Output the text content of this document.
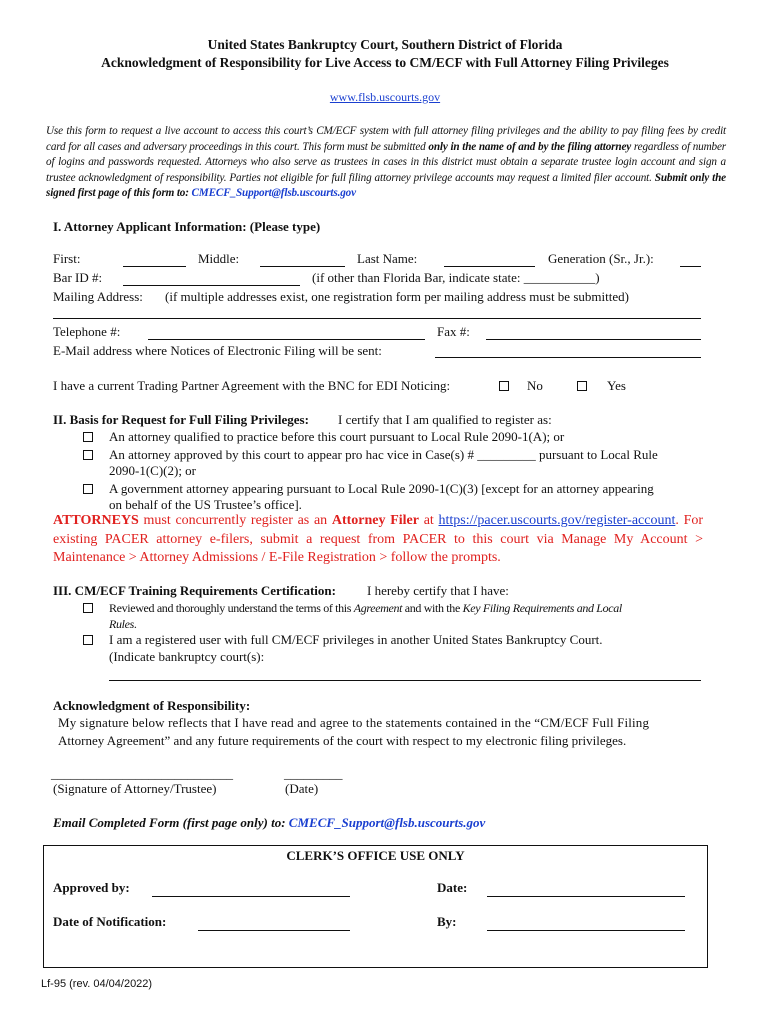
United States Bankruptcy Court, Southern District of Florida
Acknowledgment of Responsibility for Live Access to CM/ECF with Full Attorney Filing Privileges
www.flsb.uscourts.gov
Use this form to request a live account to access this court’s CM/ECF system with full attorney filing privileges and the ability to pay filing fees by credit card for all cases and adversary proceedings in this court. This form must be submitted only in the name of and by the filing attorney regardless of number of logins and passwords requested. Attorneys who also serve as trustees in cases in this district must obtain a separate trustee login account and sign a trustee acknowledgment of responsibility. Parties not eligible for full filing attorney privilege accounts may request a limited filer account. Submit only the signed first page of this form to: CMECF_Support@flsb.uscourts.gov
I. Attorney Applicant Information: (Please type)
First:	Middle:	Last Name:	Generation (Sr., Jr.):
Bar ID #:	(if other than Florida Bar, indicate state: ___________)
Mailing Address: (if multiple addresses exist, one registration form per mailing address must be submitted)
Telephone #:	Fax #:
E-Mail address where Notices of Electronic Filing will be sent:
I have a current Trading Partner Agreement with the BNC for EDI Noticing:	No	Yes
II. Basis for Request for Full Filing Privileges: I certify that I am qualified to register as:
An attorney qualified to practice before this court pursuant to Local Rule 2090-1(A); or
An attorney approved by this court to appear pro hac vice in Case(s) # _________ pursuant to Local Rule
2090-1(C)(2); or
A government attorney appearing pursuant to Local Rule 2090-1(C)(3) [except for an attorney appearing
on behalf of the US Trustee’s office].
ATTORNEYS must concurrently register as an Attorney Filer at https://pacer.uscourts.gov/register-account. For existing PACER attorney e-filers, submit a request from PACER to this court via Manage My Account > Maintenance > Attorney Admissions / E-File Registration > follow the prompts.
III. CM/ECF Training Requirements Certification: I hereby certify that I have:
Reviewed and thoroughly understand the terms of this Agreement and with the Key Filing Requirements and Local
Rules.
I am a registered user with full CM/ECF privileges in another United States Bankruptcy Court.
(Indicate bankruptcy court(s):
Acknowledgment of Responsibility:
My signature below reflects that I have read and agree to the statements contained in the “CM/ECF Full Filing
Attorney Agreement” and any future requirements of the court with respect to my electronic filing privileges.
____________________________	_________
(Signature of Attorney/Trustee)	(Date)
Email Completed Form (first page only) to: CMECF_Support@flsb.uscourts.gov
CLERK’S OFFICE USE ONLY
Approved by:	Date:
Date of Notification:	By:
Lf-95 (rev. 04/04/2022)
